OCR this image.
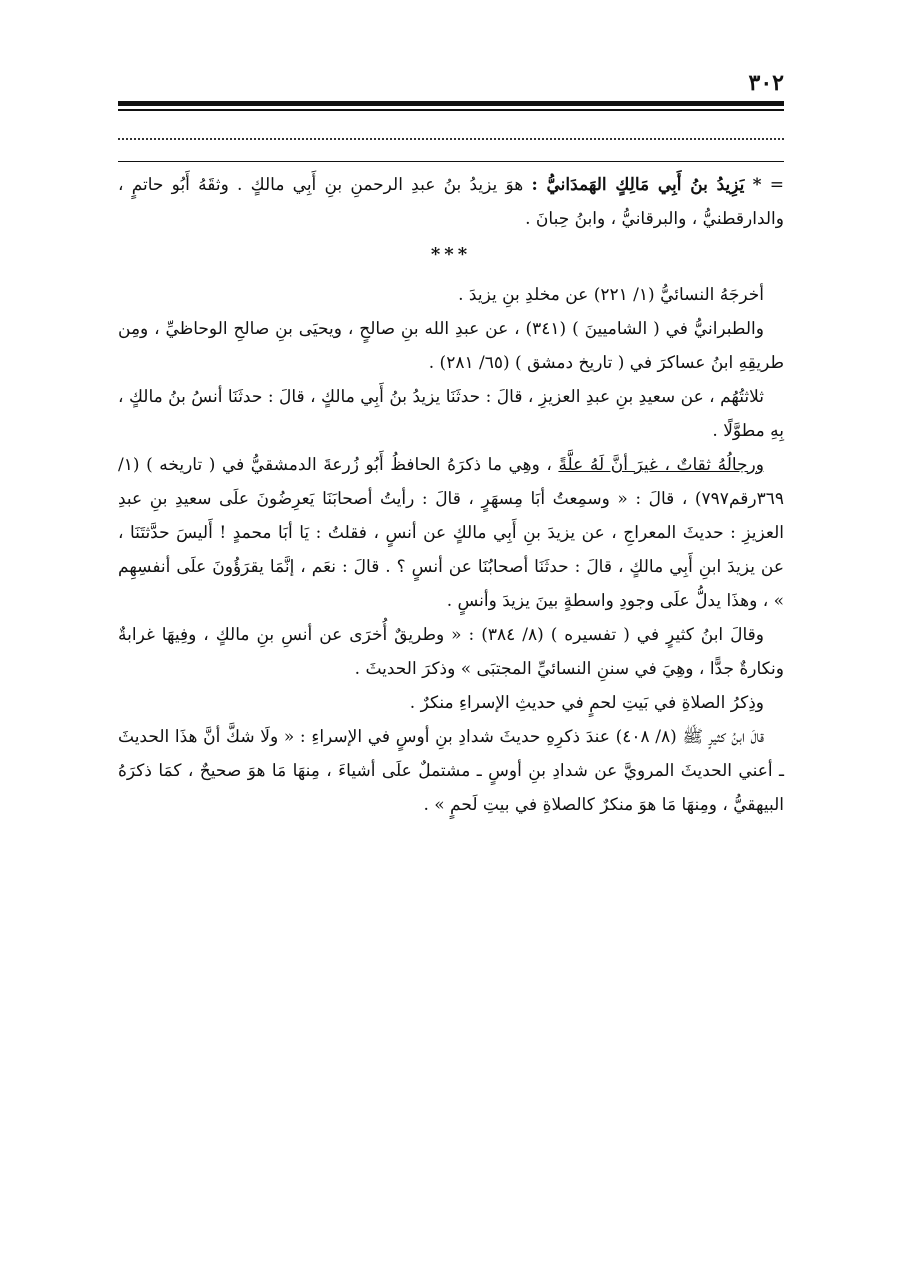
٣٠٢

= * يَزِيدُ بنُ أَبِي مَالِكٍ الهَمدَانيُّ : هوَ يزيدُ بنُ عبدِ الرحمنِ بنِ أَبِي مالكٍ . وثقَهُ أَبُو حاتمٍ ، والدارقطنيُّ ، والبرقانيُّ ، وابنُ حِبانَ .

***

أخرجَهُ النسائيُّ (١/ ٢٢١) عن مخلدِ بنِ يزيدَ .

والطبرانيُّ في ( الشاميينَ ) (٣٤١) ، عن عبدِ الله بنِ صالحٍ ، ويحيَى بنِ صالحِ الوحاظيِّ ، ومِن طريقِهِ ابنُ عساكرَ في ( تاريخ دمشق ) (٦٥/ ٢٨١) .

ثلاثتُهُم ، عن سعيدِ بنِ عبدِ العزيزِ ، قالَ : حدثَنَا يزيدُ بنُ أَبِي مالكٍ ، قالَ : حدثَنَا أنسُ بنُ مالكٍ ، بِهِ مطوَّلًا .

ورجالُهُ ثقاتٌ ، غيرَ أنَّ لَهُ علَّةً ، وهِي ما ذكرَهُ الحافظُ أَبُو زُرعةَ الدمشقيُّ في ( تاريخه ) (١/ ٣٦٩رقم٧٩٧) ، قالَ : « وسمِعتُ أبَا مِسهَرٍ ، قالَ : رأيتُ أصحابَنَا يَعرِضُونَ علَى سعيدِ بنِ عبدِ العزيزِ : حديثَ المعراجِ ، عن يزيدَ بنِ أَبِي مالكٍ عن أنسٍ ، فقلتُ : يَا أبَا محمدٍ ! أَليسَ حدَّثتَنَا ، عن يزيدَ ابنِ أَبِي مالكٍ ، قالَ : حدثَنَا أصحابُنَا عن أنسٍ ؟ . قالَ : نعَم ، إنَّمَا يقرَؤُونَ علَى أنفسِهِم » ، وهذَا يدلُّ علَى وجودِ واسطةٍ بينَ يزيدَ وأنسٍ .

وقالَ ابنُ كثيرٍ في ( تفسيره ) (٨/ ٣٨٤) : « وطريقٌ أُخرَى عن أنسِ بنِ مالكٍ ، وفِيهَا غرابةٌ ونكارةٌ جدًّا ، وهِيَ في سننِ النسائيِّ المجتبَى » وذكرَ الحديثَ .

وذِكرُ الصلاةِ في بَيتِ لحمٍ في حديثِ الإسراءِ منكرٌ .

قالَ ابنُ كثيرٍ ﷺ (٨/ ٤٠٨) عندَ ذكرِهِ حديثَ شدادِ بنِ أوسٍ في الإسراءِ : « ولَا شكَّ أنَّ هذَا الحديثَ ـ أعني الحديثَ المرويَّ عن شدادِ بنِ أوسٍ ـ مشتملٌ علَى أشياءَ ، مِنهَا مَا هوَ صحيحٌ ، كمَا ذكرَهُ البيهقيُّ ، ومِنهَا مَا هوَ منكرٌ كالصلاةِ في بيتِ لَحمٍ » .
